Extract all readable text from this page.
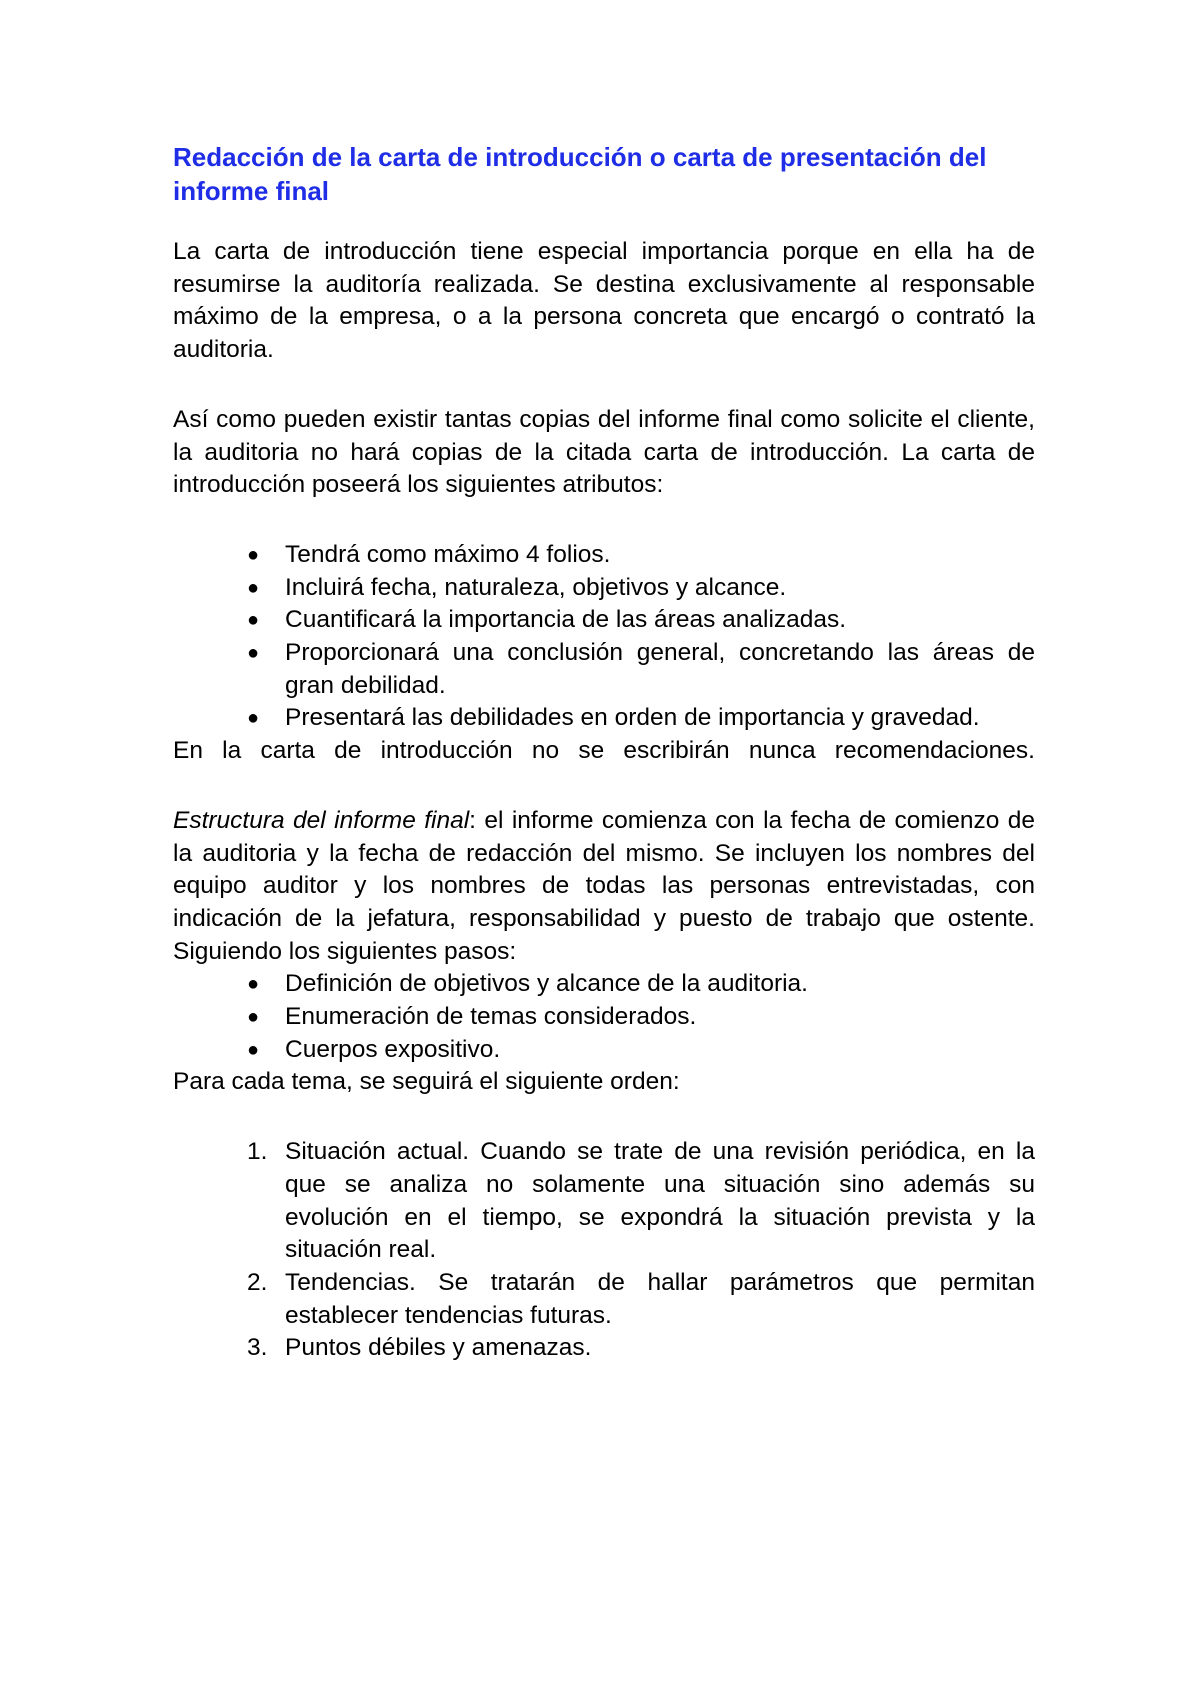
Redacción de la carta de introducción o carta de presentación del informe final

La carta de introducción tiene especial importancia porque en ella ha de resumirse la auditoría realizada. Se destina exclusivamente al responsable máximo de la empresa, o a la persona concreta que encargó o contrató la auditoria.

Así como pueden existir tantas copias del informe final como solicite el cliente, la auditoria no hará copias de la citada carta de introducción. La carta de introducción poseerá los siguientes atributos:

● Tendrá como máximo 4 folios.
● Incluirá fecha, naturaleza, objetivos y alcance.
● Cuantificará la importancia de las áreas analizadas.
● Proporcionará una conclusión general, concretando las áreas de gran debilidad.
● Presentará las debilidades en orden de importancia y gravedad.

En la carta de introducción no se escribirán nunca recomendaciones.

Estructura del informe final: el informe comienza con la fecha de comienzo de la auditoria y la fecha de redacción del mismo. Se incluyen los nombres del equipo auditor y los nombres de todas las personas entrevistadas, con indicación de la jefatura, responsabilidad y puesto de trabajo que ostente. Siguiendo los siguientes pasos:

● Definición de objetivos y alcance de la auditoria.
● Enumeración de temas considerados.
● Cuerpos expositivo.

Para cada tema, se seguirá el siguiente orden:

1. Situación actual. Cuando se trate de una revisión periódica, en la que se analiza no solamente una situación sino además su evolución en el tiempo, se expondrá la situación prevista y la situación real.
2. Tendencias. Se tratarán de hallar parámetros que permitan establecer tendencias futuras.
3. Puntos débiles y amenazas.
